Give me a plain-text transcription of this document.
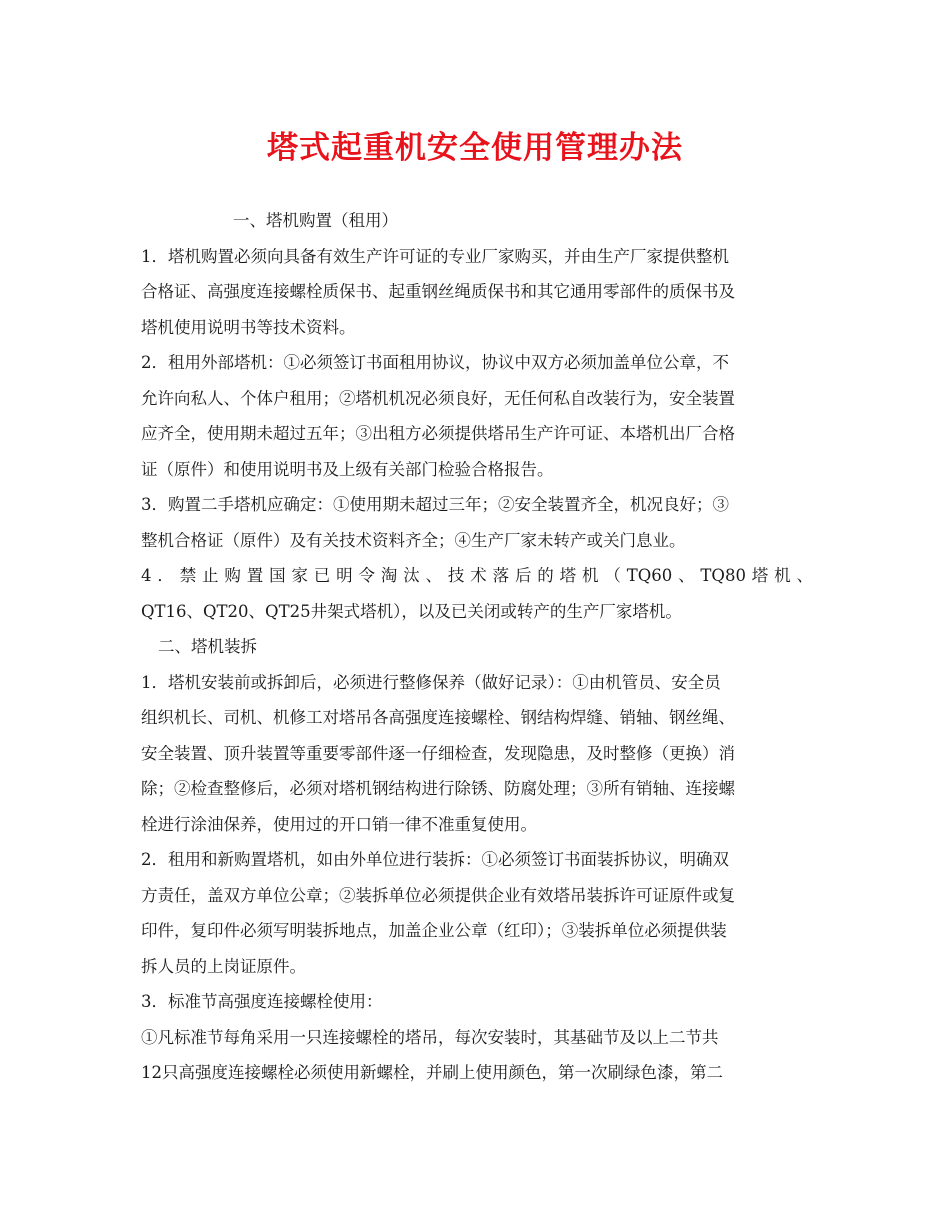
塔式起重机安全使用管理办法
一、塔机购置（租用）
1．塔机购置必须向具备有效生产许可证的专业厂家购买，并由生产厂家提供整机
合格证、高强度连接螺栓质保书、起重钢丝绳质保书和其它通用零部件的质保书及
塔机使用说明书等技术资料。
2．租用外部塔机：①必须签订书面租用协议，协议中双方必须加盖单位公章，不
允许向私人、个体户租用；②塔机机况必须良好，无任何私自改装行为，安全装置
应齐全，使用期未超过五年；③出租方必须提供塔吊生产许可证、本塔机出厂合格
证（原件）和使用说明书及上级有关部门检验合格报告。
3．购置二手塔机应确定：①使用期未超过三年；②安全装置齐全，机况良好；③
整机合格证（原件）及有关技术资料齐全；④生产厂家未转产或关门息业。
4．禁止购置国家已明令淘汰、技术落后的塔机（TQ60、TQ80塔机、
QT16、QT20、QT25井架式塔机），以及已关闭或转产的生产厂家塔机。
二、塔机装拆
1．塔机安装前或拆卸后，必须进行整修保养（做好记录）：①由机管员、安全员
组织机长、司机、机修工对塔吊各高强度连接螺栓、钢结构焊缝、销轴、钢丝绳、
安全装置、顶升装置等重要零部件逐一仔细检查，发现隐患，及时整修（更换）消
除；②检查整修后，必须对塔机钢结构进行除锈、防腐处理；③所有销轴、连接螺
栓进行涂油保养，使用过的开口销一律不准重复使用。
2．租用和新购置塔机，如由外单位进行装拆：①必须签订书面装拆协议，明确双
方责任，盖双方单位公章；②装拆单位必须提供企业有效塔吊装拆许可证原件或复
印件，复印件必须写明装拆地点，加盖企业公章（红印）；③装拆单位必须提供装
拆人员的上岗证原件。
3．标准节高强度连接螺栓使用：
①凡标准节每角采用一只连接螺栓的塔吊，每次安装时，其基础节及以上二节共
12只高强度连接螺栓必须使用新螺栓，并刷上使用颜色，第一次刷绿色漆，第二
